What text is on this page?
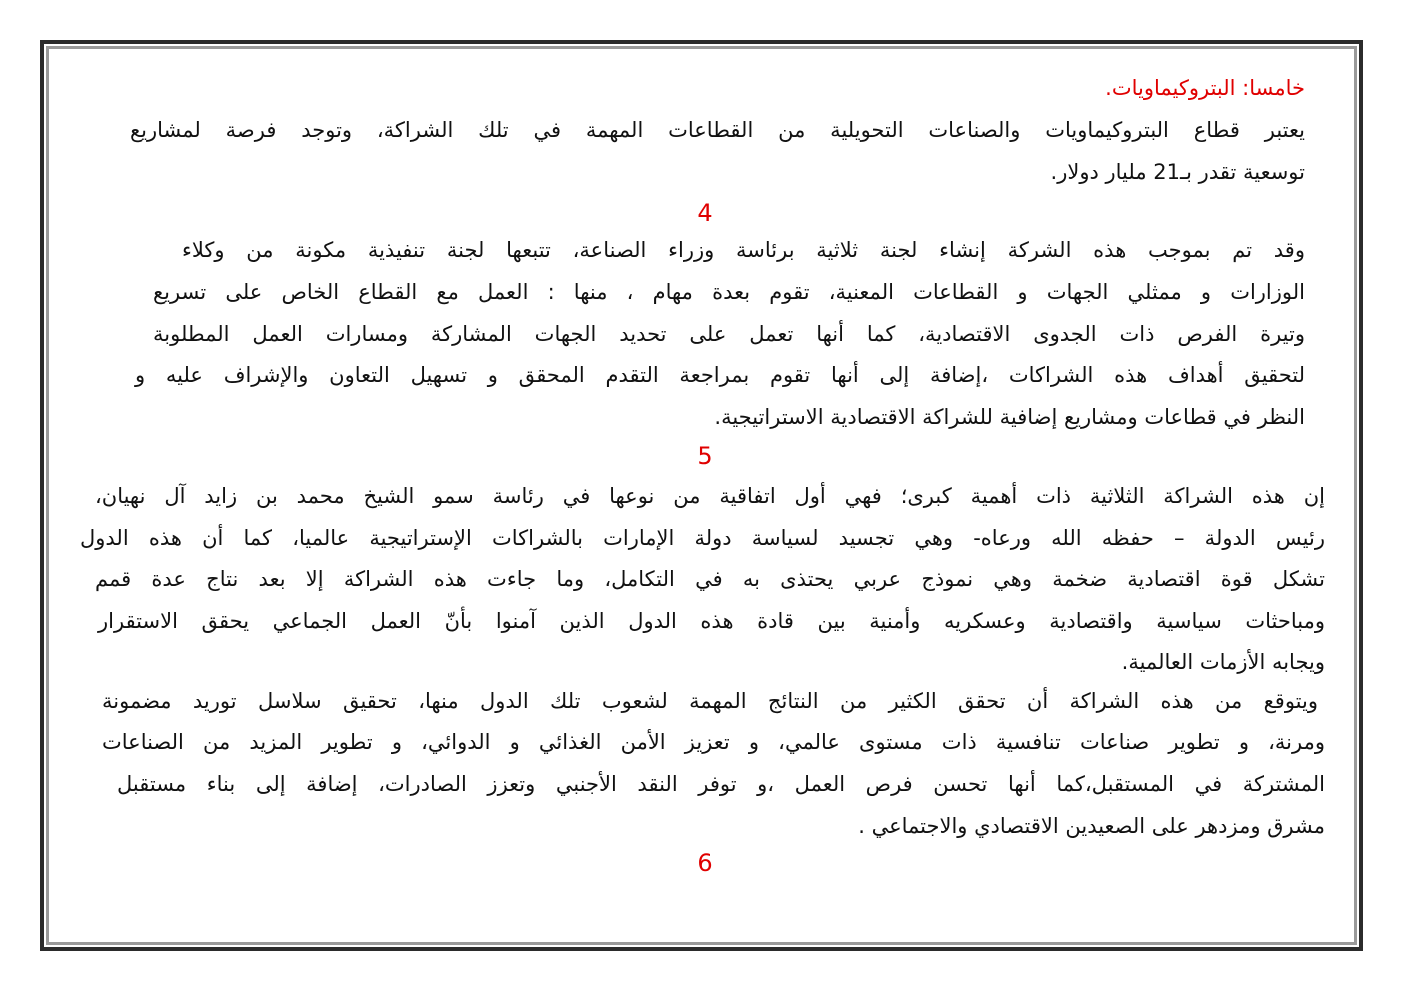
خامسا: البتروكيماويات.
يعتبر قطاع البتروكيماويات والصناعات التحويلية من القطاعات المهمة في تلك الشراكة، وتوجد فرصة لمشاريع
توسعية تقدر بـ21 مليار دولار.
4
وقد تم بموجب هذه الشركة إنشاء لجنة ثلاثية برئاسة وزراء الصناعة، تتبعها لجنة تنفيذية مكونة من وكلاء
الوزارات و ممثلي الجهات و القطاعات المعنية، تقوم بعدة مهام ، منها : العمل مع القطاع الخاص على تسريع
وتيرة الفرص ذات الجدوى الاقتصادية، كما أنها تعمل على تحديد الجهات المشاركة ومسارات العمل المطلوبة
لتحقيق أهداف هذه الشراكات ،إضافة إلى أنها تقوم بمراجعة التقدم المحقق و تسهيل التعاون والإشراف عليه و
النظر في قطاعات ومشاريع إضافية للشراكة الاقتصادية الاستراتيجية.
5
إن هذه الشراكة الثلاثية ذات أهمية كبرى؛ فهي أول اتفاقية من نوعها في رئاسة سمو الشيخ محمد بن زايد آل نهيان،
رئيس الدولة – حفظه الله ورعاه- وهي تجسيد لسياسة دولة الإمارات بالشراكات الإستراتيجية عالميا، كما أن هذه الدول
تشكل قوة اقتصادية ضخمة وهي نموذج عربي يحتذى به في التكامل، وما جاءت هذه الشراكة إلا بعد نتاج عدة قمم
ومباحثات سياسية واقتصادية وعسكريه وأمنية بين قادة هذه الدول الذين آمنوا بأنّ العمل الجماعي يحقق الاستقرار
ويجابه الأزمات العالمية.
ويتوقع من هذه الشراكة أن تحقق الكثير من النتائج المهمة لشعوب تلك الدول منها، تحقيق سلاسل توريد مضمونة
ومرنة، و تطوير صناعات تنافسية ذات مستوى عالمي، و تعزيز الأمن الغذائي و الدوائي، و تطوير المزيد من الصناعات
المشتركة في المستقبل،كما أنها تحسن فرص العمل ،و توفر النقد الأجنبي وتعزز الصادرات، إضافة إلى بناء مستقبل
مشرق ومزدهر على الصعيدين الاقتصادي والاجتماعي .
6
